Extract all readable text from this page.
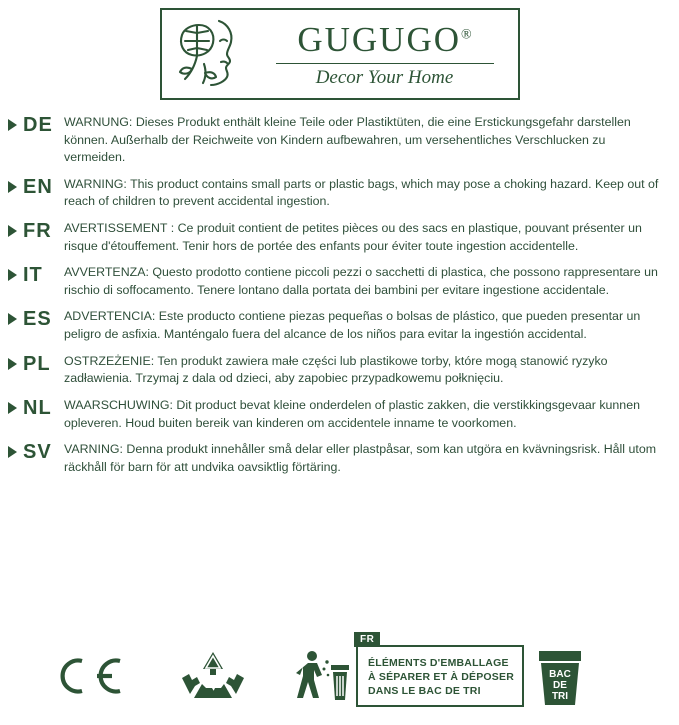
GUGUGO®
Decor Your Home
DE WARNUNG: Dieses Produkt enthält kleine Teile oder Plastiktüten, die eine Erstickungsgefahr darstellen können. Außerhalb der Reichweite von Kindern aufbewahren, um versehentliches Verschlucken zu vermeiden.
EN WARNING: This product contains small parts or plastic bags, which may pose a choking hazard. Keep out of reach of children to prevent accidental ingestion.
FR AVERTISSEMENT : Ce produit contient de petites pièces ou des sacs en plastique, pouvant présenter un risque d'étouffement. Tenir hors de portée des enfants pour éviter toute ingestion accidentelle.
IT AVVERTENZA: Questo prodotto contiene piccoli pezzi o sacchetti di plastica, che possono rappresentare un rischio di soffocamento. Tenere lontano dalla portata dei bambini per evitare ingestione accidentale.
ES ADVERTENCIA: Este producto contiene piezas pequeñas o bolsas de plástico, que pueden presentar un peligro de asfixia. Manténgalo fuera del alcance de los niños para evitar la ingestión accidental.
PL OSTRZEŻENIE: Ten produkt zawiera małe części lub plastikowe torby, które mogą stanowić ryzyko zadławienia. Trzymaj z dala od dzieci, aby zapobiec przypadkowemu połknięciu.
NL WAARSCHUWING: Dit product bevat kleine onderdelen of plastic zakken, die verstikkingsgevaar kunnen opleveren. Houd buiten bereik van kinderen om accidentele inname te voorkomen.
SV VARNING: Denna produkt innehåller små delar eller plastpåsar, som kan utgöra en kvävningsrisk. Håll utom räckhåll för barn för att undvika oavsiktlig förtäring.
FR
ÉLÉMENTS D'EMBALLAGE
À SÉPARER ET À DÉPOSER
DANS LE BAC DE TRI
BAC
DE
TRI
